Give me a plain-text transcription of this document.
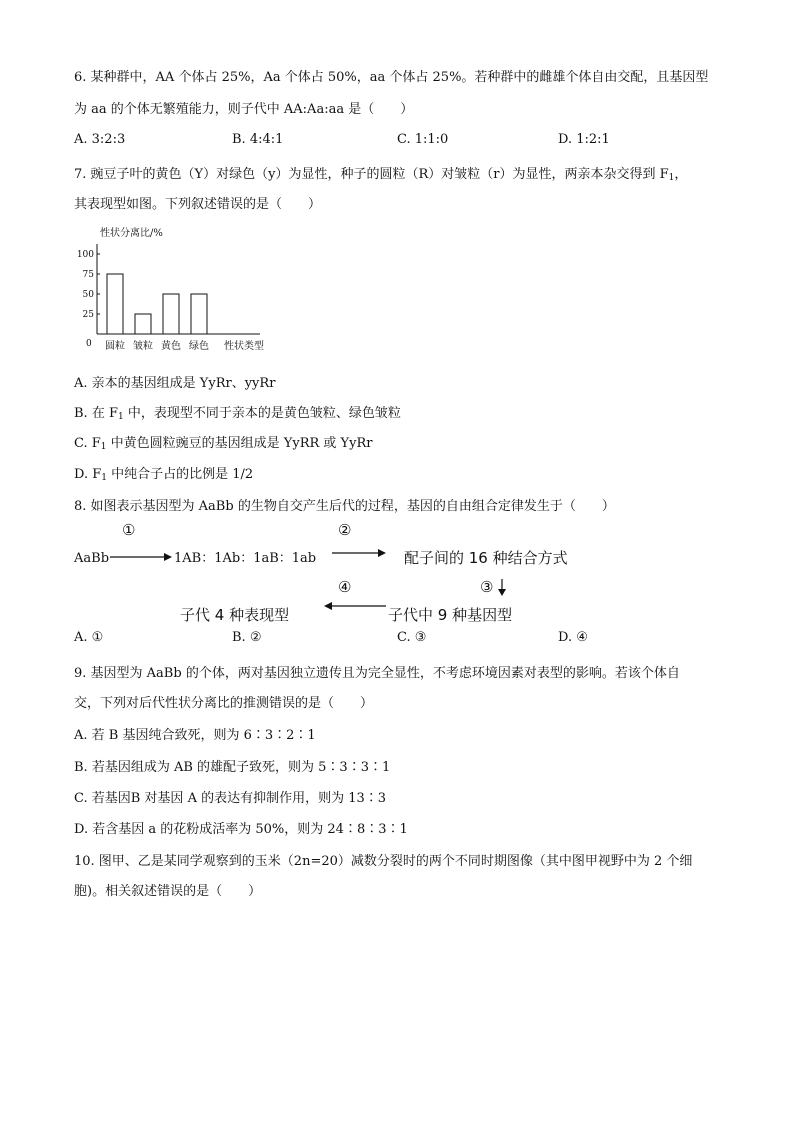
6. 某种群中，AA 个体占 25%，Aa 个体占 50%，aa 个体占 25%。若种群中的雌雄个体自由交配，且基因型
为 aa 的个体无繁殖能力，则子代中 AA:Aa:aa 是（　　）
A. 3:2:3	B. 4:4:1	C. 1:1:0	D. 1:2:1
7. 豌豆子叶的黄色（Y）对绿色（y）为显性，种子的圆粒（R）对皱粒（r）为显性，两亲本杂交得到 $F_1$，
其表现型如图。下列叙述错误的是（　　）
性状分离比/%
0	性状类型
100
75
50
25
圆粒 皱粒 黄色 绿色
A. 亲本的基因组成是 YyRr、yyRr
B. 在 $F_1$ 中，表现型不同于亲本的是黄色皱粒、绿色皱粒
C. $F_1$ 中黄色圆粒豌豆的基因组成是 YyRR 或 YyRr
D. $F_1$ 中纯合子占的比例是 1/2
8. 如图表示基因型为 AaBb 的生物自交产生后代的过程，基因的自由组合定律发生于（　　）
①	②
AaBb	1AB：1Ab：1aB：1ab	配子间的 16 种结合方式
④	③
子代 4 种表现型	子代中 9 种基因型
A. ①	B. ②	C. ③	D. ④
9. 基因型为 AaBb 的个体，两对基因独立遗传且为完全显性，不考虑环境因素对表型的影响。若该个体自
交，下列对后代性状分离比的推测错误的是（　　）
A. 若 B 基因纯合致死，则为 6∶3∶2∶1
B. 若基因组成为 AB 的雄配子致死，则为 5∶3∶3∶1
C. 若基因B 对基因 A 的表达有抑制作用，则为 13∶3
D. 若含基因 a 的花粉成活率为 50%，则为 24∶8∶3∶1
10. 图甲、乙是某同学观察到的玉米（2n=20）减数分裂时的两个不同时期图像（其中图甲视野中为 2 个细
胞)。相关叙述错误的是（　　）
